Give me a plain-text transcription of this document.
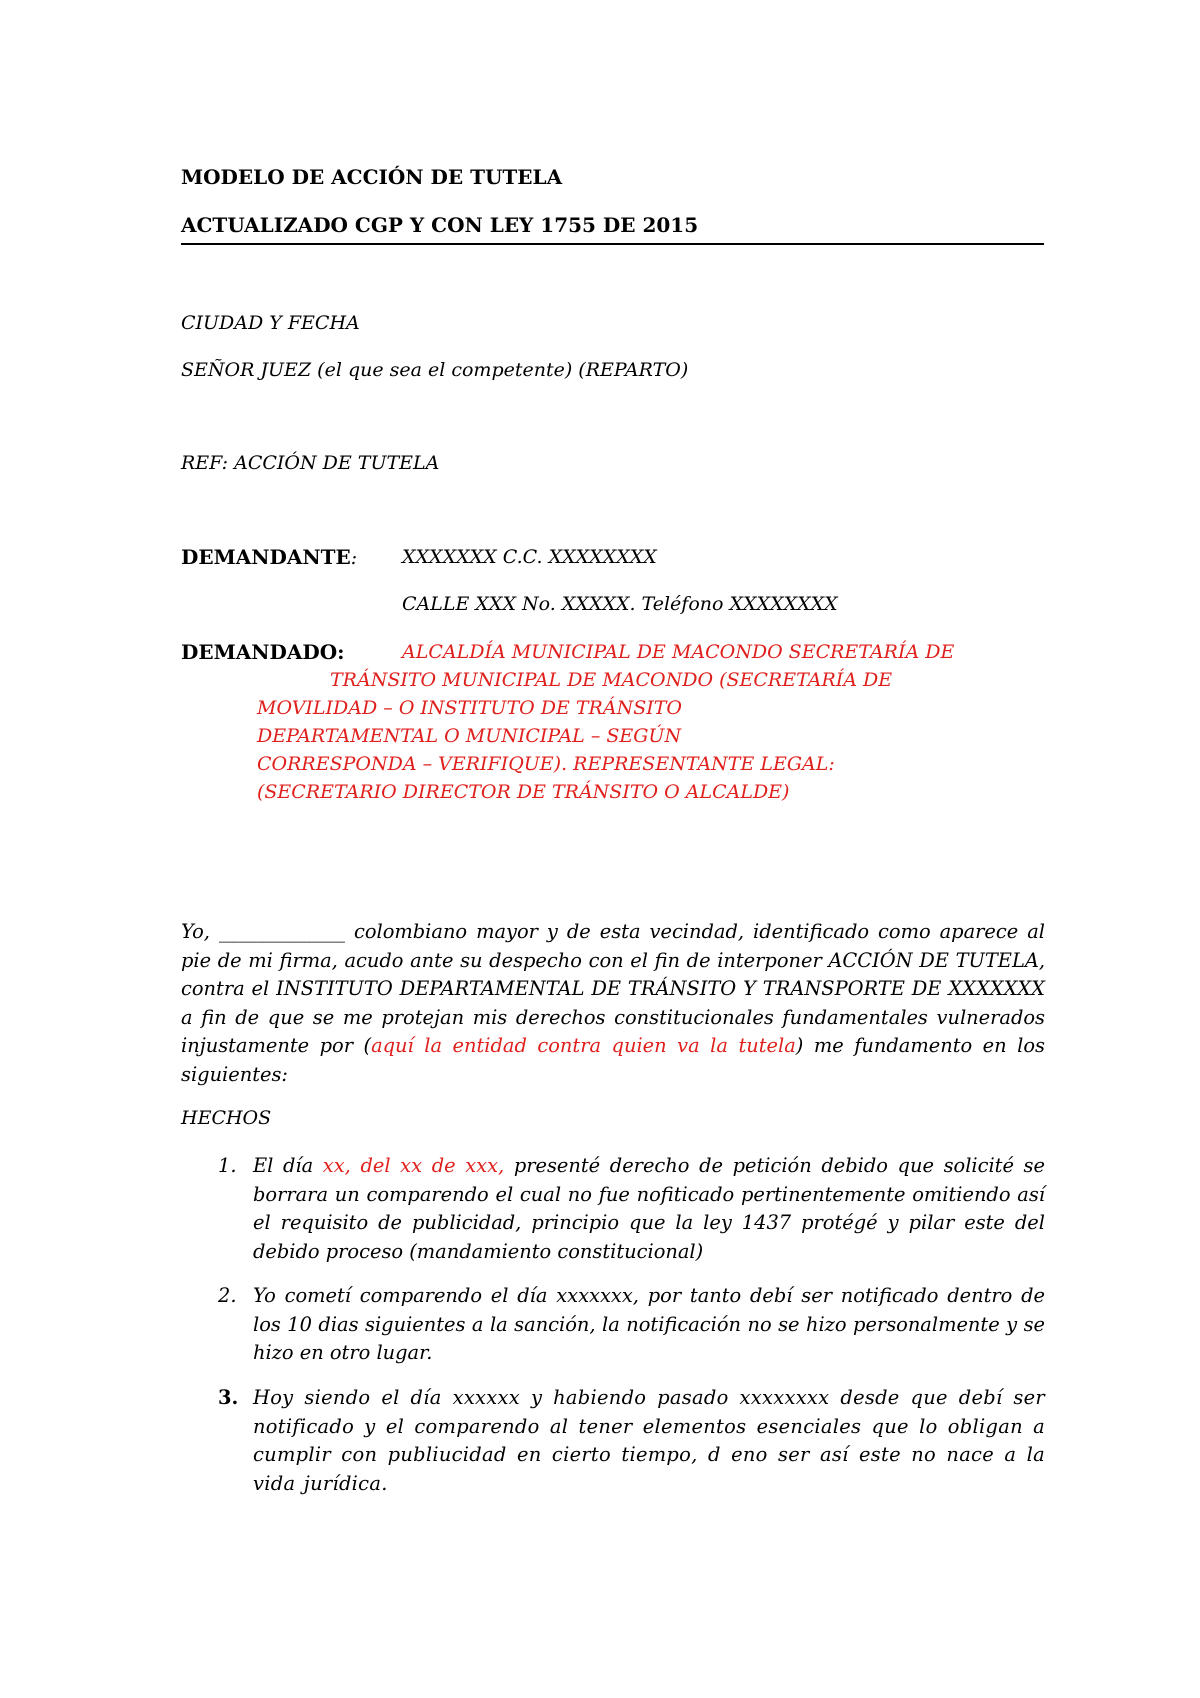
MODELO DE ACCIÓN DE TUTELA
ACTUALIZADO CGP Y CON LEY 1755 DE 2015
CIUDAD Y FECHA
SEÑOR JUEZ (el que sea el competente) (REPARTO)
REF: ACCIÓN DE TUTELA
DEMANDANTE: XXXXXXX C.C. XXXXXXXX
CALLE XXX No. XXXXX. Teléfono XXXXXXXX
DEMANDADO:	ALCALDÍA MUNICIPAL DE MACONDO SECRETARÍA DE
TRÁNSITO MUNICIPAL DE MACONDO (SECRETARÍA DE
MOVILIDAD – O INSTITUTO DE TRÁNSITO
DEPARTAMENTAL O MUNICIPAL – SEGÚN
CORRESPONDA – VERIFIQUE). REPRESENTANTE LEGAL:
(SECRETARIO DIRECTOR DE TRÁNSITO O ALCALDE)
Yo, _____________ colombiano mayor y de esta vecindad, identificado como aparece al pie de mi firma, acudo ante su despecho con el fin de interponer ACCIÓN DE TUTELA, contra el INSTITUTO DEPARTAMENTAL DE TRÁNSITO Y TRANSPORTE DE XXXXXXX a fin de que se me protejan mis derechos constitucionales fundamentales vulnerados injustamente por (aquí la entidad contra quien va la tutela) me fundamento en los siguientes:
HECHOS
1. El día xx, del xx de xxx, presenté derecho de petición debido que solicité se borrara un comparendo el cual no fue nofiticado pertinentemente omitiendo así el requisito de publicidad, principio que la ley 1437 protégé y pilar este del debido proceso (mandamiento constitucional)
2. Yo cometí comparendo el día xxxxxxx, por tanto debí ser notificado dentro de los 10 dias siguientes a la sanción, la notificación no se hizo personalmente y se hizo en otro lugar.
3. Hoy siendo el día xxxxxx y habiendo pasado xxxxxxxx desde que debí ser notificado y el comparendo al tener elementos esenciales que lo obligan a cumplir con publiucidad en cierto tiempo, d eno ser así este no nace a la vida jurídica.
